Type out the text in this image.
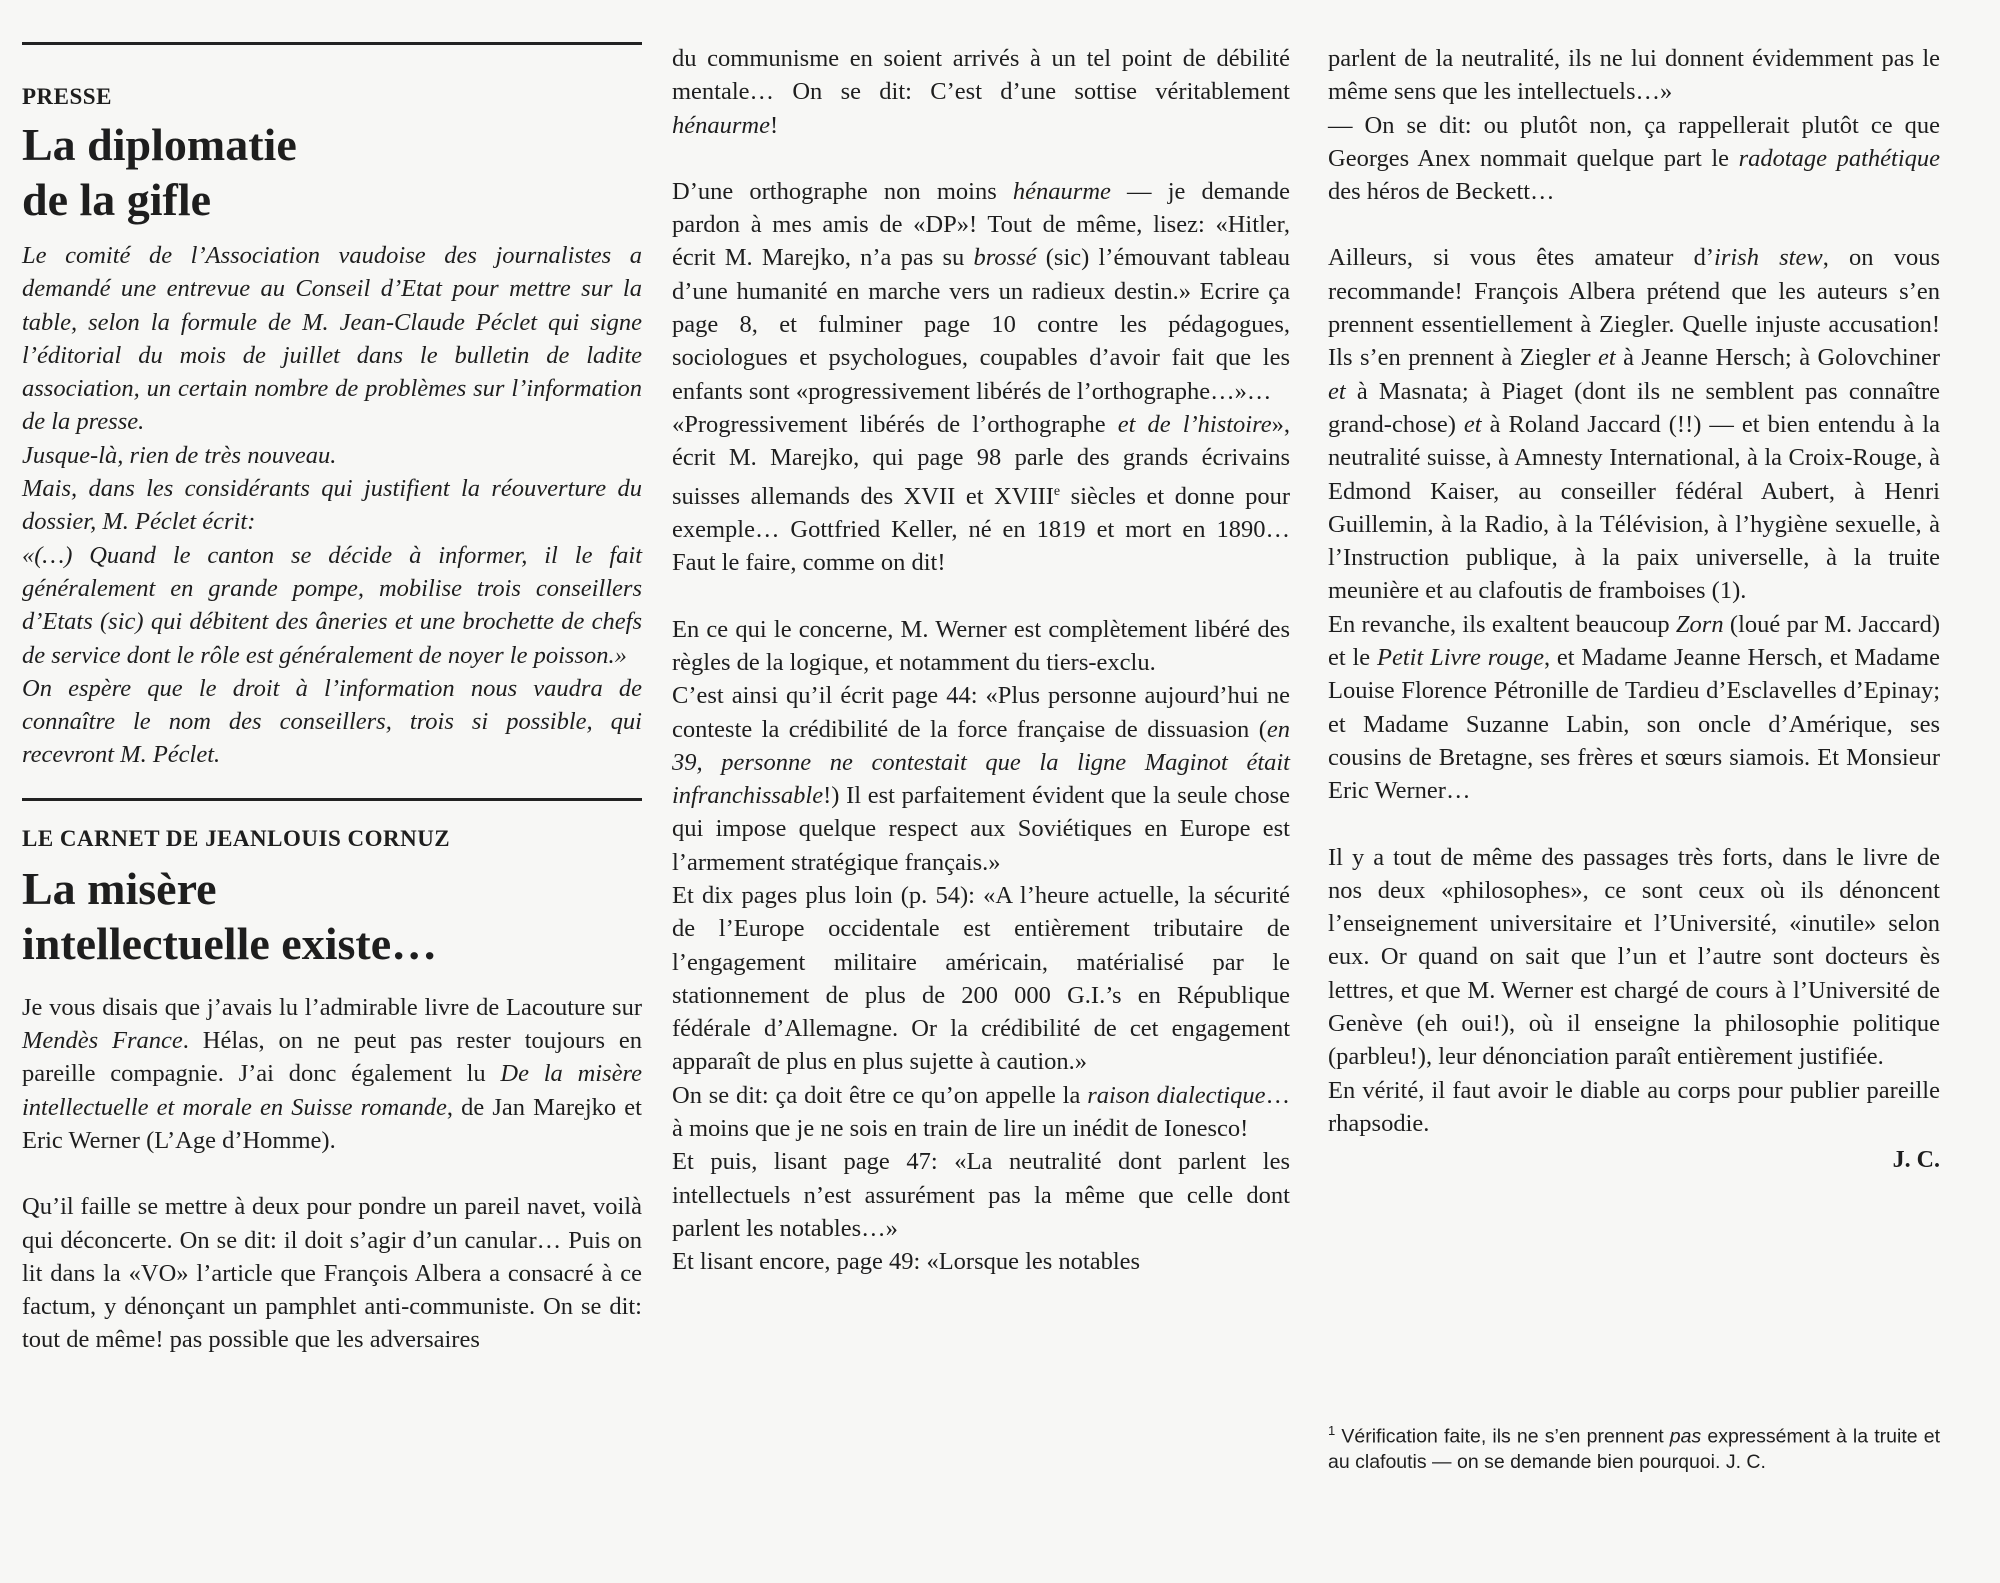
PRESSE

La diplomatie
de la gifle

Le comité de l’Association vaudoise des journalistes a demandé une entrevue au Conseil d’Etat pour mettre sur la table, selon la formule de M. Jean-Claude Péclet qui signe l’éditorial du mois de juillet dans le bulletin de ladite association, un certain nombre de problèmes sur l’information de la presse.

Jusque-là, rien de très nouveau.

Mais, dans les considérants qui justifient la réouverture du dossier, M. Péclet écrit:

«(…) Quand le canton se décide à informer, il le fait généralement en grande pompe, mobilise trois conseillers d’Etats (sic) qui débitent des âneries et une brochette de chefs de service dont le rôle est généralement de noyer le poisson.»

On espère que le droit à l’information nous vaudra de connaître le nom des conseillers, trois si possible, qui recevront M. Péclet.

LE CARNET DE JEANLOUIS CORNUZ

La misère
intellectuelle existe…

Je vous disais que j’avais lu l’admirable livre de Lacouture sur Mendès France. Hélas, on ne peut pas rester toujours en pareille compagnie. J’ai donc également lu De la misère intellectuelle et morale en Suisse romande, de Jan Marejko et Eric Werner (L’Age d’Homme).

Qu’il faille se mettre à deux pour pondre un pareil navet, voilà qui déconcerte. On se dit: il doit s’agir d’un canular… Puis on lit dans la «VO» l’article que François Albera a consacré à ce factum, y dénonçant un pamphlet anti-communiste. On se dit: tout de même! pas possible que les adversaires

du communisme en soient arrivés à un tel point de débilité mentale… On se dit: C’est d’une sottise véritablement hénaurme!

D’une orthographe non moins hénaurme — je demande pardon à mes amis de «DP»! Tout de même, lisez: «Hitler, écrit M. Marejko, n’a pas su brossé (sic) l’émouvant tableau d’une humanité en marche vers un radieux destin.» Ecrire ça page 8, et fulminer page 10 contre les pédagogues, sociologues et psychologues, coupables d’avoir fait que les enfants sont «progressivement libérés de l’orthographe…»…

«Progressivement libérés de l’orthographe et de l’histoire», écrit M. Marejko, qui page 98 parle des grands écrivains suisses allemands des XVII et XVIIIe siècles et donne pour exemple… Gottfried Keller, né en 1819 et mort en 1890… Faut le faire, comme on dit!

En ce qui le concerne, M. Werner est complètement libéré des règles de la logique, et notamment du tiers-exclu.

C’est ainsi qu’il écrit page 44: «Plus personne aujourd’hui ne conteste la crédibilité de la force française de dissuasion (en 39, personne ne contestait que la ligne Maginot était infranchissable!) Il est parfaitement évident que la seule chose qui impose quelque respect aux Soviétiques en Europe est l’armement stratégique français.»

Et dix pages plus loin (p. 54): «A l’heure actuelle, la sécurité de l’Europe occidentale est entièrement tributaire de l’engagement militaire américain, matérialisé par le stationnement de plus de 200 000 G.I.’s en République fédérale d’Allemagne. Or la crédibilité de cet engagement apparaît de plus en plus sujette à caution.»

On se dit: ça doit être ce qu’on appelle la raison dialectique… à moins que je ne sois en train de lire un inédit de Ionesco!

Et puis, lisant page 47: «La neutralité dont parlent les intellectuels n’est assurément pas la même que celle dont parlent les notables…»

Et lisant encore, page 49: «Lorsque les notables

parlent de la neutralité, ils ne lui donnent évidemment pas le même sens que les intellectuels…»

— On se dit: ou plutôt non, ça rappellerait plutôt ce que Georges Anex nommait quelque part le radotage pathétique des héros de Beckett…

Ailleurs, si vous êtes amateur d’irish stew, on vous recommande! François Albera prétend que les auteurs s’en prennent essentiellement à Ziegler. Quelle injuste accusation! Ils s’en prennent à Ziegler et à Jeanne Hersch; à Golovchiner et à Masnata; à Piaget (dont ils ne semblent pas connaître grand-chose) et à Roland Jaccard (!!) — et bien entendu à la neutralité suisse, à Amnesty International, à la Croix-Rouge, à Edmond Kaiser, au conseiller fédéral Aubert, à Henri Guillemin, à la Radio, à la Télévision, à l’hygiène sexuelle, à l’Instruction publique, à la paix universelle, à la truite meunière et au clafoutis de framboises (1).

En revanche, ils exaltent beaucoup Zorn (loué par M. Jaccard) et le Petit Livre rouge, et Madame Jeanne Hersch, et Madame Louise Florence Pétronille de Tardieu d’Esclavelles d’Epinay; et Madame Suzanne Labin, son oncle d’Amérique, ses cousins de Bretagne, ses frères et sœurs siamois. Et Monsieur Eric Werner…

Il y a tout de même des passages très forts, dans le livre de nos deux «philosophes», ce sont ceux où ils dénoncent l’enseignement universitaire et l’Université, «inutile» selon eux. Or quand on sait que l’un et l’autre sont docteurs ès lettres, et que M. Werner est chargé de cours à l’Université de Genève (eh oui!), où il enseigne la philosophie politique (parbleu!), leur dénonciation paraît entièrement justifiée.

En vérité, il faut avoir le diable au corps pour publier pareille rhapsodie.

J. C.

$^1$ Vérification faite, ils ne s’en prennent pas expressément à la truite et au clafoutis — on se demande bien pourquoi. J. C.
